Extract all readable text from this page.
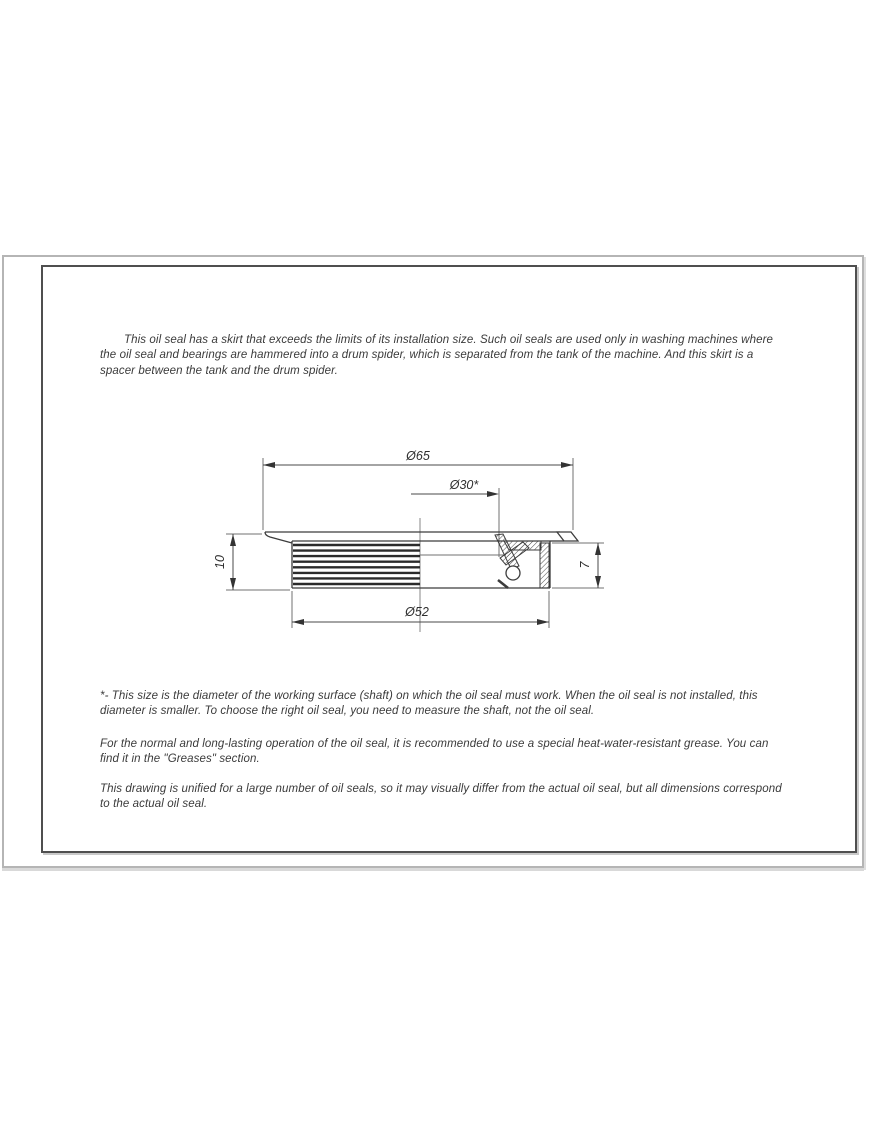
This oil seal has a skirt that exceeds the limits of its installation size. Such oil seals are used only in washing machines where the oil seal and bearings are hammered into a drum spider, which is separated from the tank of the machine. And this skirt is a spacer between the tank and the drum spider.

Ø65
Ø30*
10	7
Ø52

*- This size is the diameter of the working surface (shaft) on which the oil seal must work. When the oil seal is not installed, this diameter is smaller. To choose the right oil seal, you need to measure the shaft, not the oil seal.

For the normal and long-lasting operation of the oil seal, it is recommended to use a special heat-water-resistant grease. You can find it in the "Greases" section.

This drawing is unified for a large number of oil seals, so it may visually differ from the actual oil seal, but all dimensions correspond to the actual oil seal.
